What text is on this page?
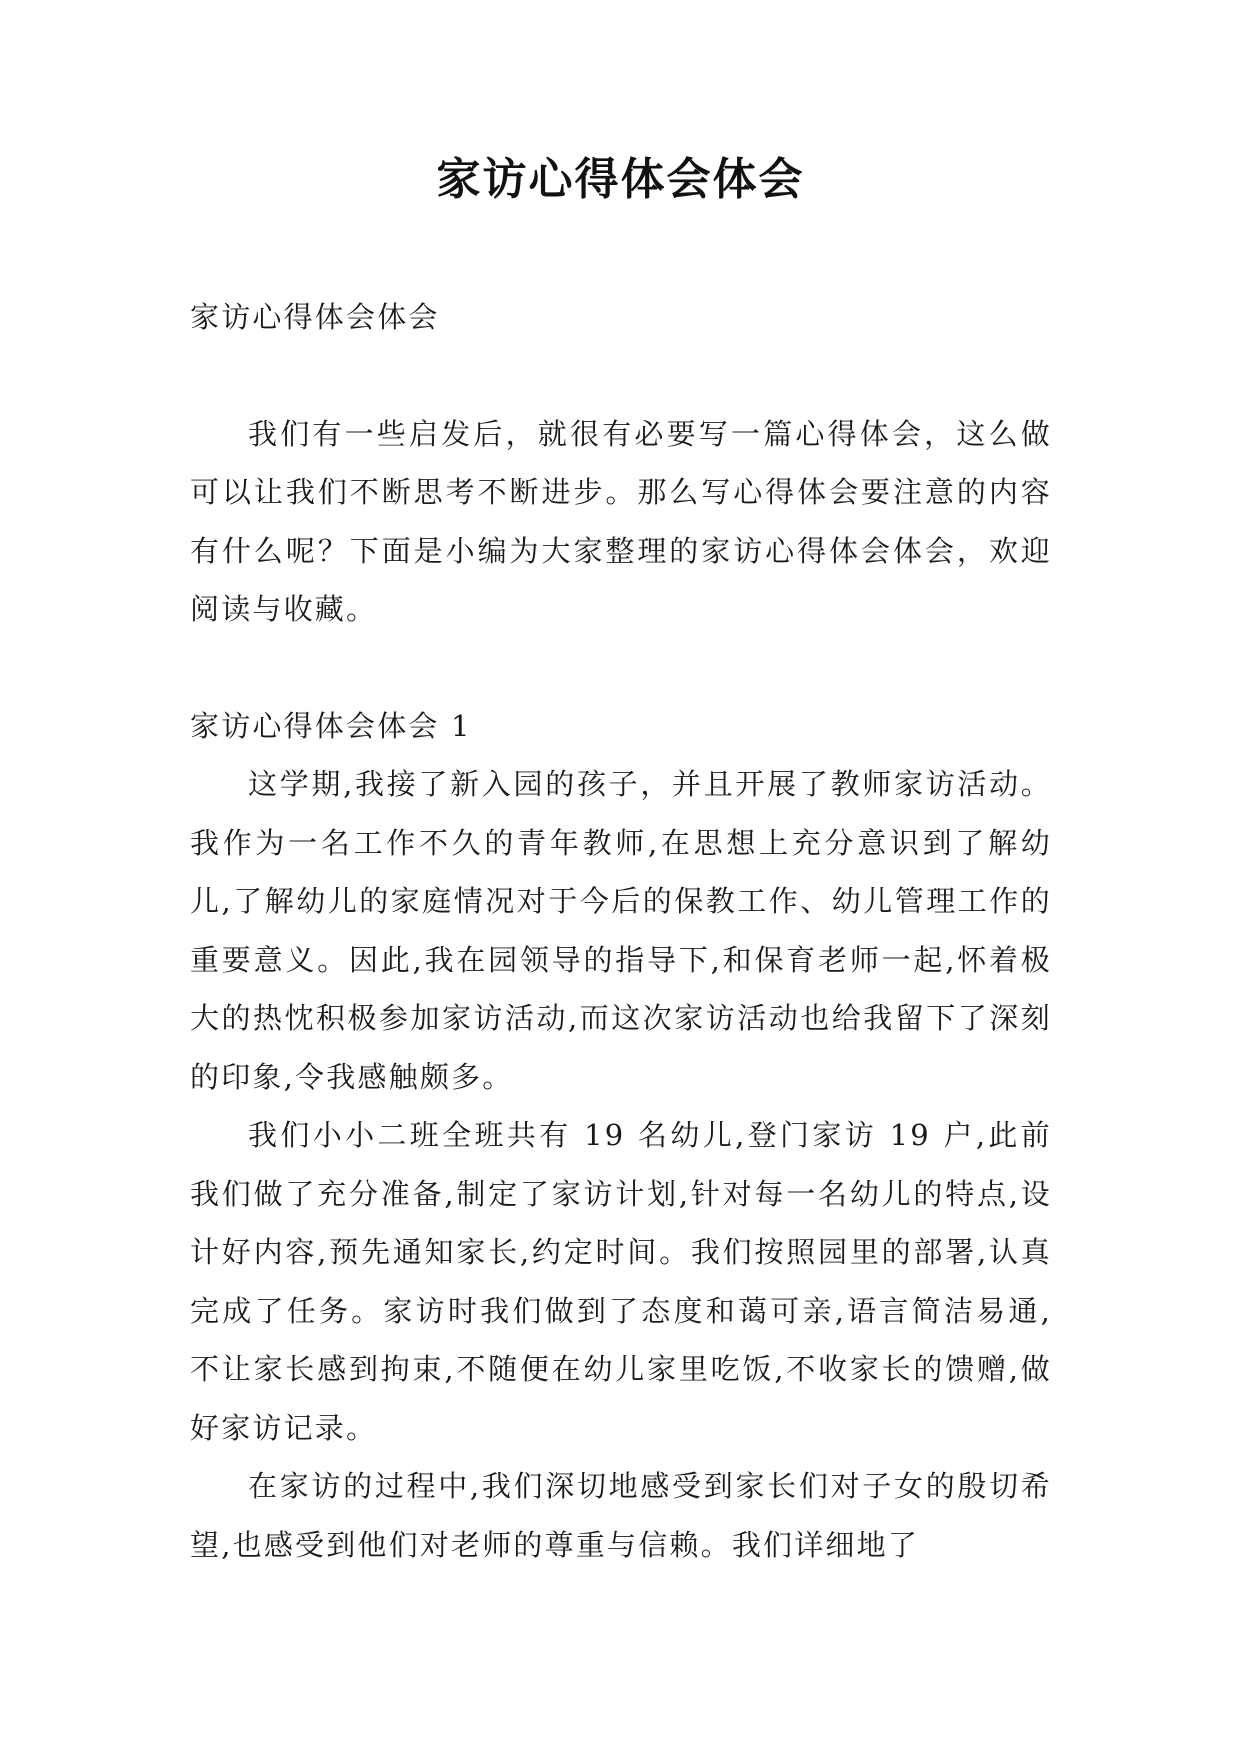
家访心得体会体会

家访心得体会体会

我们有一些启发后，就很有必要写一篇心得体会，这么做可以让我们不断思考不断进步。那么写心得体会要注意的内容有什么呢？下面是小编为大家整理的家访心得体会体会，欢迎阅读与收藏。

家访心得体会体会 1

这学期,我接了新入园的孩子，并且开展了教师家访活动。我作为一名工作不久的青年教师,在思想上充分意识到了解幼儿,了解幼儿的家庭情况对于今后的保教工作、幼儿管理工作的重要意义。因此,我在园领导的指导下,和保育老师一起,怀着极大的热忱积极参加家访活动,而这次家访活动也给我留下了深刻的印象,令我感触颇多。

我们小小二班全班共有 19 名幼儿,登门家访 19 户,此前我们做了充分准备,制定了家访计划,针对每一名幼儿的特点,设计好内容,预先通知家长,约定时间。我们按照园里的部署,认真完成了任务。家访时我们做到了态度和蔼可亲,语言简洁易通,不让家长感到拘束,不随便在幼儿家里吃饭,不收家长的馈赠,做好家访记录。

在家访的过程中,我们深切地感受到家长们对子女的殷切希望,也感受到他们对老师的尊重与信赖。我们详细地了
